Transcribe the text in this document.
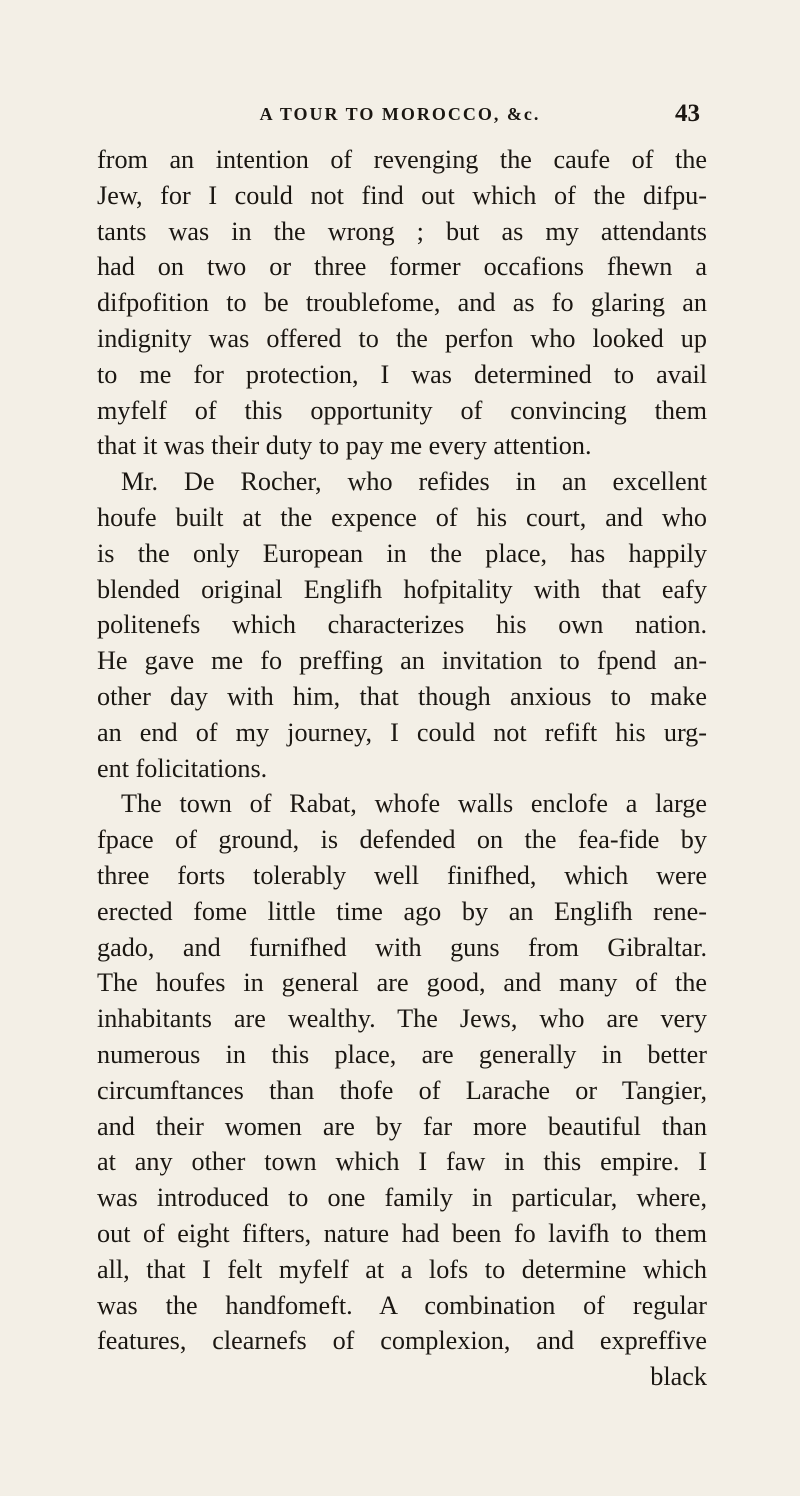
A TOUR TO MOROCCO, &c.	43
from an intention of revenging the caufe of the
Jew, for I could not find out which of the difpu-
tants was in the wrong ; but as my attendants
had on two or three former occafions fhewn a
difpofition to be troublefome, and as fo glaring an
indignity was offered to the perfon who looked up
to me for protection, I was determined to avail
myfelf of this opportunity of convincing them
that it was their duty to pay me every attention.
Mr. De Rocher, who refides in an excellent
houfe built at the expence of his court, and who
is the only European in the place, has happily
blended original Englifh hofpitality with that eafy
politenefs which characterizes his own nation.
He gave me fo preffing an invitation to fpend an-
other day with him, that though anxious to make
an end of my journey, I could not refift his urg-
ent folicitations.
The town of Rabat, whofe walls enclofe a large
fpace of ground, is defended on the fea-fide by
three forts tolerably well finifhed, which were
erected fome little time ago by an Englifh rene-
gado, and furnifhed with guns from Gibraltar.
The houfes in general are good, and many of the
inhabitants are wealthy. The Jews, who are very
numerous in this place, are generally in better
circumftances than thofe of Larache or Tangier,
and their women are by far more beautiful than
at any other town which I faw in this empire. I
was introduced to one family in particular, where,
out of eight fifters, nature had been fo lavifh to them
all, that I felt myfelf at a lofs to determine which
was the handfomeft. A combination of regular
features, clearnefs of complexion, and expreffive
black
